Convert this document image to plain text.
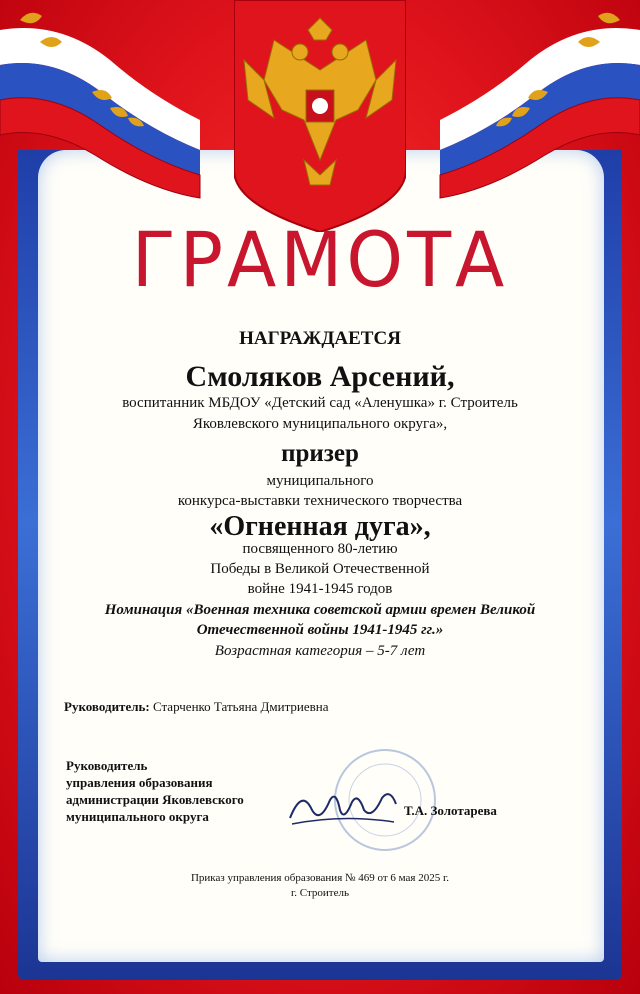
ГРАМОТА
НАГРАЖДАЕТСЯ
Смоляков Арсений,
воспитанник МБДОУ «Детский сад «Аленушка» г. Строитель
Яковлевского муниципального округа»,
призер
муниципального
конкурса-выставки технического творчества
«Огненная дуга»,
посвященного 80-летию
Победы в Великой Отечественной
войне 1941-1945 годов
Номинация «Военная техника советской армии времен Великой
Отечественной войны 1941-1945 гг.»
Возрастная категория – 5-7 лет
Руководитель: Старченко Татьяна Дмитриевна
Руководитель
управления образования
администрации Яковлевского
муниципального округа	Т.А. Золотарева
Приказ управления образования № 469 от 6 мая 2025 г.
г. Строитель
